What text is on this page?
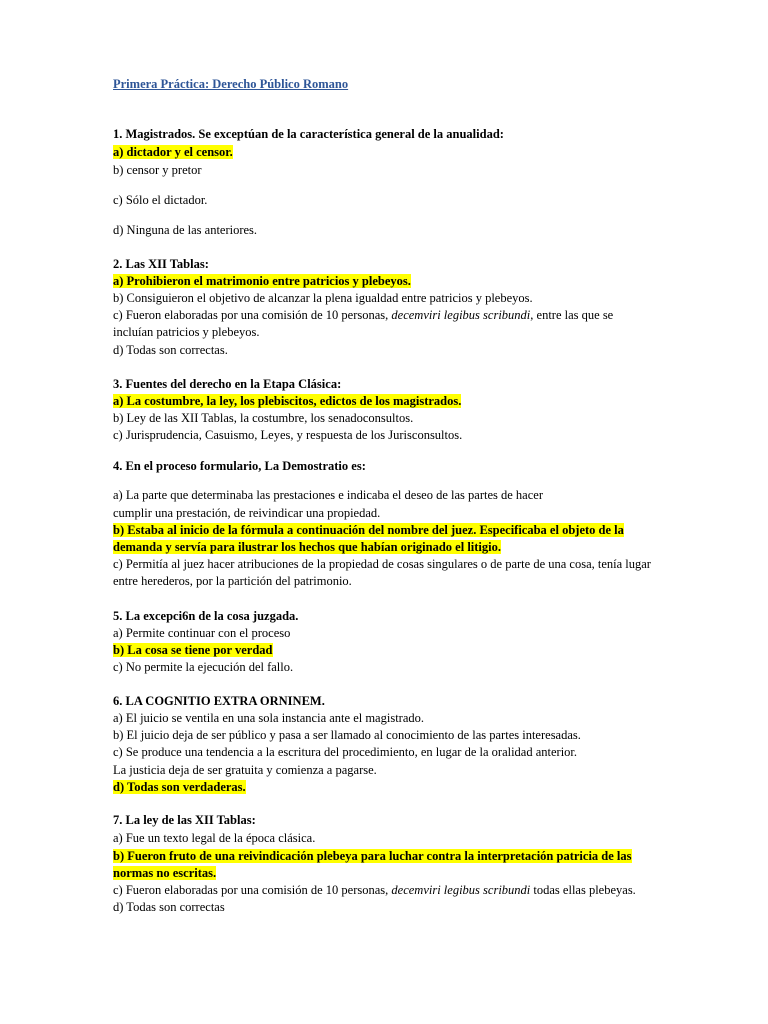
Primera Práctica: Derecho Público Romano
1. Magistrados. Se exceptúan de la característica general de la anualidad:
a) dictador y el censor.
b) censor y pretor
c) Sólo el dictador.
d) Ninguna de las anteriores.
2. Las XII Tablas:
a) Prohibieron el matrimonio entre patricios y plebeyos.
b) Consiguieron el objetivo de alcanzar la plena igualdad entre patricios y plebeyos.
c) Fueron elaboradas por una comisión de 10 personas, decemviri legibus scribundi, entre las que se
incluían patricios y plebeyos.
d) Todas son correctas.
3. Fuentes del derecho en la Etapa Clásica:
a) La costumbre, la ley, los plebiscitos, edictos de los magistrados.
b) Ley de las XII Tablas, la costumbre, los senadoconsultos.
c) Jurisprudencia, Casuismo, Leyes, y respuesta de los Jurisconsultos.
4. En el proceso formulario, La Demostratio es:
a) La parte que determinaba las prestaciones e indicaba el deseo de las partes de hacer
cumplir una prestación, de reivindicar una propiedad.
b) Estaba al inicio de la fórmula a continuación del nombre del juez. Especificaba el objeto de la
demanda y servía para ilustrar los hechos que habían originado el litigio.
c) Permitía al juez hacer atribuciones de la propiedad de cosas singulares o de parte de una cosa, tenía lugar
entre herederos, por la partición del patrimonio.
5. La excepci6n de la cosa juzgada.
a) Permite continuar con el proceso
b) La cosa se tiene por verdad
c) No permite la ejecución del fallo.
6. LA COGNITIO EXTRA ORNINEM.
a) El juicio se ventila en una sola instancia ante el magistrado.
b) El juicio deja de ser público y pasa a ser llamado al conocimiento de las partes interesadas.
c) Se produce una tendencia a la escritura del procedimiento, en lugar de la oralidad anterior.
La justicia deja de ser gratuita y comienza a pagarse.
d) Todas son verdaderas.
7. La ley de las XII Tablas:
a) Fue un texto legal de la época clásica.
b) Fueron fruto de una reivindicación plebeya para luchar contra la interpretación patricia de las
normas no escritas.
c) Fueron elaboradas por una comisión de 10 personas, decemviri legibus scribundi todas ellas plebeyas.
d) Todas son correctas
